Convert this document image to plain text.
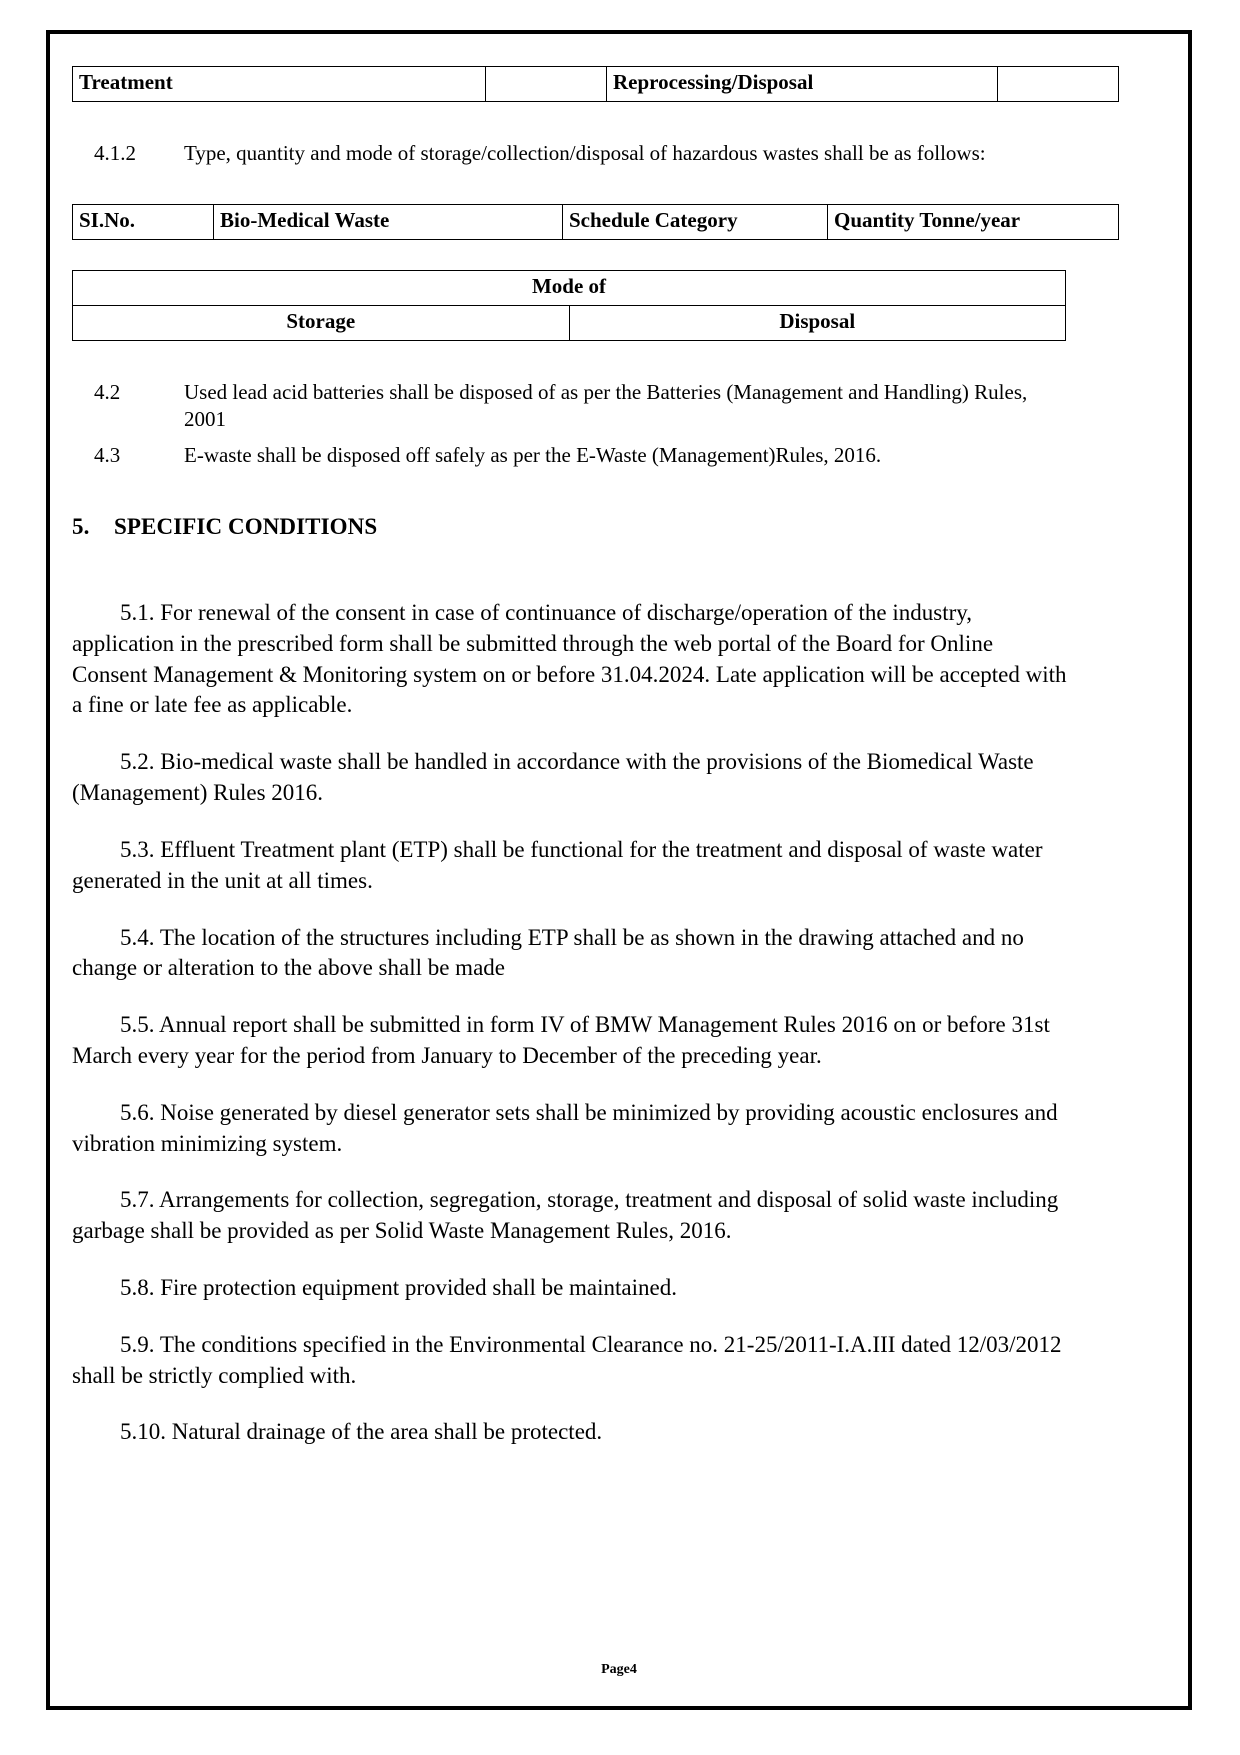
Treatment		Reprocessing/Disposal	
4.1.2	Type, quantity and mode of storage/collection/disposal of hazardous wastes shall be as follows:
SI.No.	Bio-Medical Waste	Schedule Category	Quantity Tonne/year
Mode of
Storage	Disposal
4.2	Used lead acid batteries shall be disposed of as per the Batteries (Management and Handling) Rules, 2001
4.3	E-waste shall be disposed off safely as per the E-Waste (Management)Rules, 2016.
5. SPECIFIC CONDITIONS

5.1. For renewal of the consent in case of continuance of discharge/operation of the industry, application in the prescribed form shall be submitted through the web portal of the Board for Online Consent Management & Monitoring system on or before 31.04.2024. Late application will be accepted with a fine or late fee as applicable.

5.2. Bio-medical waste shall be handled in accordance with the provisions of the Biomedical Waste (Management) Rules 2016.

5.3. Effluent Treatment plant (ETP) shall be functional for the treatment and disposal of waste water generated in the unit at all times.

5.4. The location of the structures including ETP shall be as shown in the drawing attached and no change or alteration to the above shall be made

5.5. Annual report shall be submitted in form IV of BMW Management Rules 2016 on or before 31st March every year for the period from January to December of the preceding year.

5.6. Noise generated by diesel generator sets shall be minimized by providing acoustic enclosures and vibration minimizing system.

5.7. Arrangements for collection, segregation, storage, treatment and disposal of solid waste including garbage shall be provided as per Solid Waste Management Rules, 2016.

5.8. Fire protection equipment provided shall be maintained.

5.9. The conditions specified in the Environmental Clearance no. 21-25/2011-I.A.III dated 12/03/2012 shall be strictly complied with.

5.10. Natural drainage of the area shall be protected.

Page4
